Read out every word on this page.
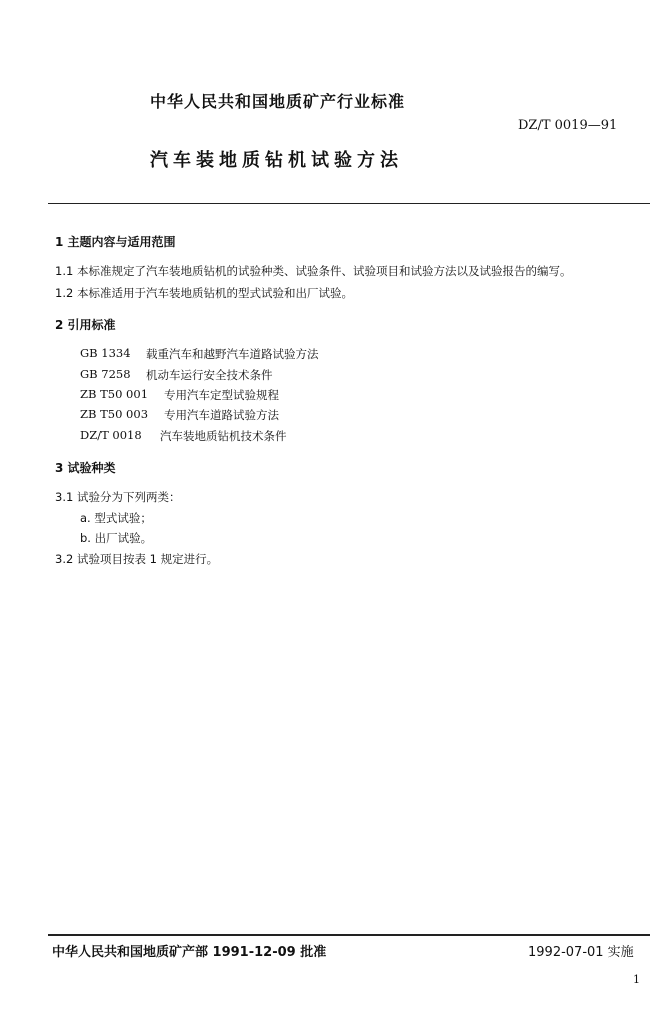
中华人民共和国地质矿产行业标准
DZ/T 0019—91
汽车装地质钻机试验方法
1 主题内容与适用范围
1.1 本标准规定了汽车装地质钻机的试验种类、试验条件、试验项目和试验方法以及试验报告的编写。
1.2 本标准适用于汽车装地质钻机的型式试验和出厂试验。
2 引用标准
GB 1334 载重汽车和越野汽车道路试验方法
GB 7258 机动车运行安全技术条件
ZB T50 001 专用汽车定型试验规程
ZB T50 003 专用汽车道路试验方法
DZ/T 0018 汽车装地质钻机技术条件
3 试验种类
3.1 试验分为下列两类：
a. 型式试验；
b. 出厂试验。
3.2 试验项目按表 1 规定进行。
中华人民共和国地质矿产部 1991-12-09 批准	1992-07-01 实施
1
